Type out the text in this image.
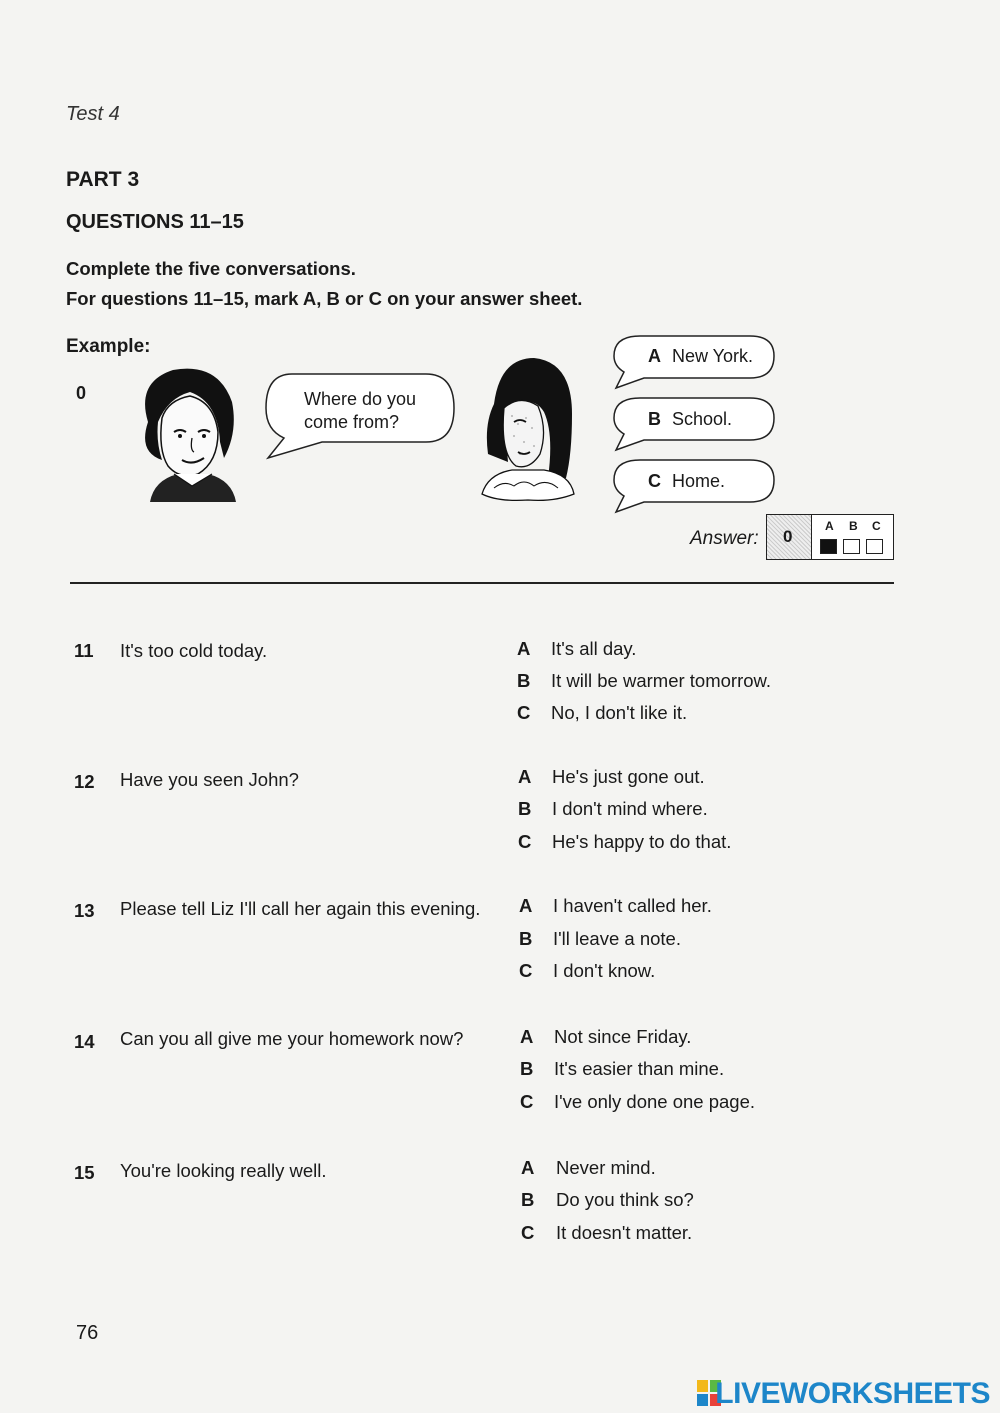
Test 4
PART 3
QUESTIONS 11–15
Complete the five conversations.
For questions 11–15, mark A, B or C on your answer sheet.
Example:
0	Where do you
come from?
A New York.
B School.
C Home.
Answer: 0
A B C
11 It's too cold today.	A It's all day.
B It will be warmer tomorrow.
C No, I don't like it.
12 Have you seen John?	A He's just gone out.
B I don't mind where.
C He's happy to do that.
13 Please tell Liz I'll call her again this evening. A I haven't called her.
B I'll leave a note.
C I don't know.
14 Can you all give me your homework now?	A Not since Friday.
B It's easier than mine.
C I've only done one page.
15 You're looking really well.	A Never mind.
B Do you think so?
C It doesn't matter.
76
LIVEWORKSHEETS
